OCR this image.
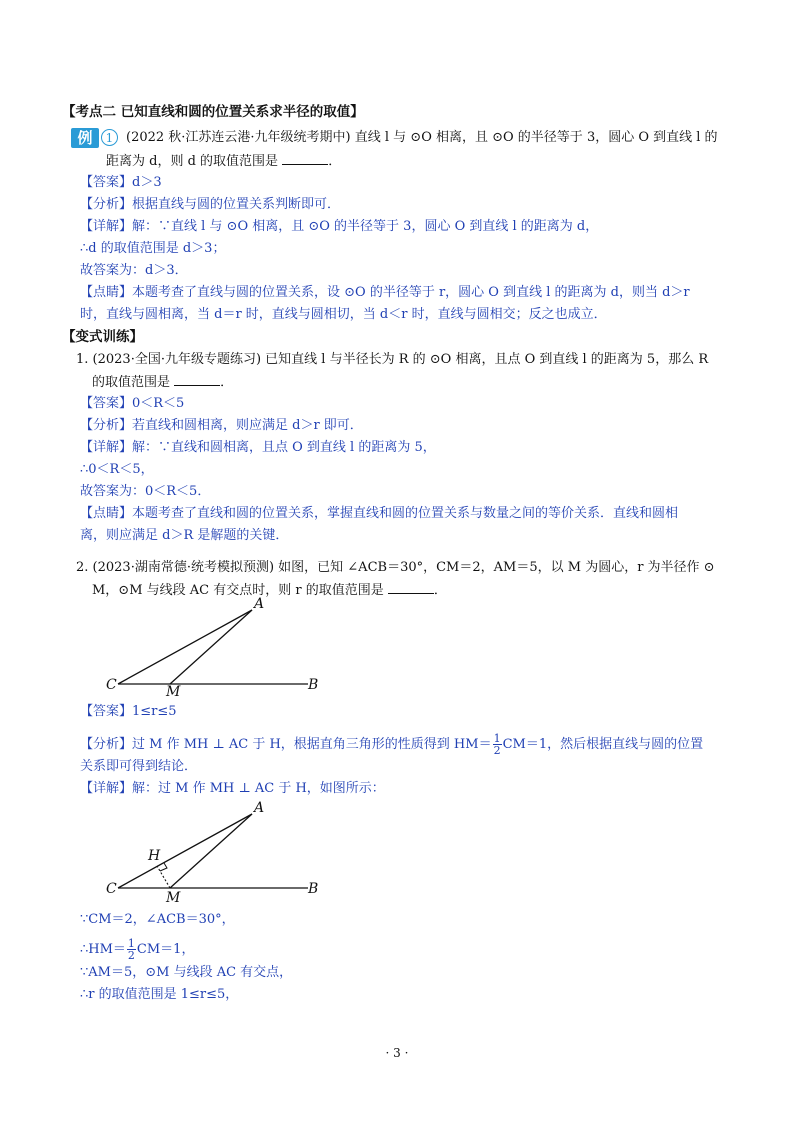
【考点二 已知直线和圆的位置关系求半径的取值】
例	1 (2022 秋·江苏连云港·九年级统考期中) 直线 l 与 ⊙O 相离，且 ⊙O 的半径等于 3，圆心 O 到直线 l 的
距离为 d，则 d 的取值范围是	．
【答案】d＞3
【分析】根据直线与圆的位置关系判断即可．
【详解】解：∵直线 l 与 ⊙O 相离，且 ⊙O 的半径等于 3，圆心 O 到直线 l 的距离为 d，
∴d 的取值范围是 d＞3；
故答案为：d＞3．
【点睛】本题考查了直线与圆的位置关系，设 ⊙O 的半径等于 r，圆心 O 到直线 l 的距离为 d，则当 d＞r
时，直线与圆相离，当 d＝r 时，直线与圆相切，当 d＜r 时，直线与圆相交；反之也成立．
【变式训练】
1. (2023·全国·九年级专题练习) 已知直线 l 与半径长为 R 的 ⊙O 相离，且点 O 到直线 l 的距离为 5，那么 R
的取值范围是	．
【答案】0＜R＜5
【分析】若直线和圆相离，则应满足 d＞r 即可．
【详解】解：∵直线和圆相离，且点 O 到直线 l 的距离为 5，
∴0＜R＜5，
故答案为：0＜R＜5．
【点睛】本题考查了直线和圆的位置关系，掌握直线和圆的位置关系与数量之间的等价关系．直线和圆相
离，则应满足 d＞R 是解题的关键．
2. (2023·湖南常德·统考模拟预测) 如图，已知 ∠ACB＝30°，CM＝2，AM＝5，以 M 为圆心，r 为半径作 ⊙
M，⊙M 与线段 AC 有交点时，则 r 的取值范围是	．
A
B
C	M
【答案】1≤r≤5
【分析】过 M 作 MH ⊥ AC 于 H，根据直角三角形的性质得到 $HM= \frac{1}{2} CM=1$，然后根据直线与圆的位置
关系即可得到结论．
【详解】解：过 M 作 MH ⊥ AC 于 H，如图所示：
A
B
C
M
H
∵CM＝2，∠ACB＝30°，
∴HM＝ $\frac{1}{2} CM=1$，
∵AM＝5，⊙M 与线段 AC 有交点，
∴r 的取值范围是 1≤r≤5，
· 3 ·
